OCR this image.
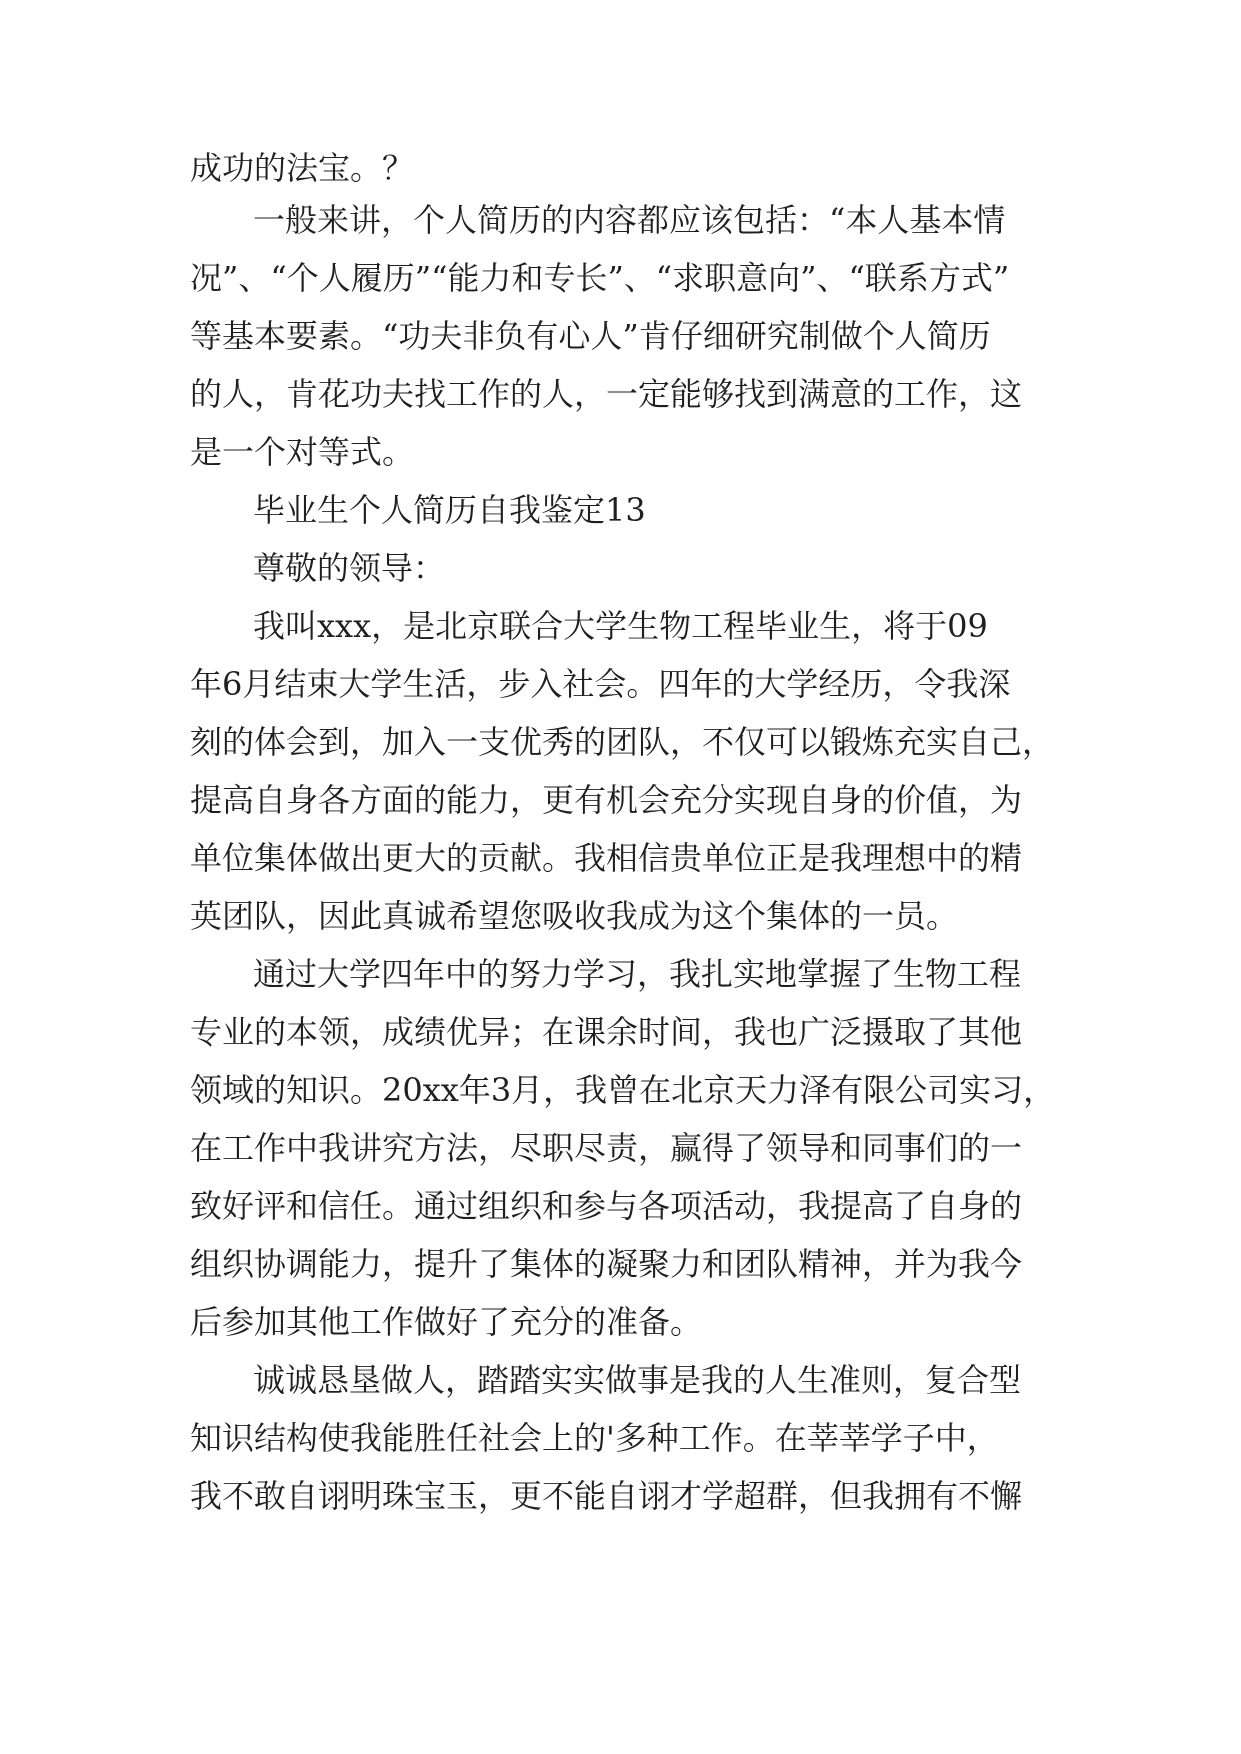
成功的法宝。？

一般来讲，个人简历的内容都应该包括：“本人基本情

况”、“个人履历”“能力和专长”、“求职意向”、“联系方式”

等基本要素。“功夫非负有心人”肯仔细研究制做个人简历

的人，肯花功夫找工作的人，一定能够找到满意的工作，这

是一个对等式。

毕业生个人简历自我鉴定13

尊敬的领导：

我叫xxx，是北京联合大学生物工程毕业生，将于09

年6月结束大学生活，步入社会。四年的大学经历，令我深

刻的体会到，加入一支优秀的团队，不仅可以锻炼充实自己，

提高自身各方面的能力，更有机会充分实现自身的价值，为

单位集体做出更大的贡献。我相信贵单位正是我理想中的精

英团队，因此真诚希望您吸收我成为这个集体的一员。

通过大学四年中的努力学习，我扎实地掌握了生物工程

专业的本领，成绩优异；在课余时间，我也广泛摄取了其他

领域的知识。20xx年3月，我曾在北京天力泽有限公司实习，

在工作中我讲究方法，尽职尽责，赢得了领导和同事们的一

致好评和信任。通过组织和参与各项活动，我提高了自身的

组织协调能力，提升了集体的凝聚力和团队精神，并为我今

后参加其他工作做好了充分的准备。

诚诚恳垦做人，踏踏实实做事是我的人生准则，复合型

知识结构使我能胜任社会上的'多种工作。在莘莘学子中，

我不敢自诩明珠宝玉，更不能自诩才学超群，但我拥有不懈
